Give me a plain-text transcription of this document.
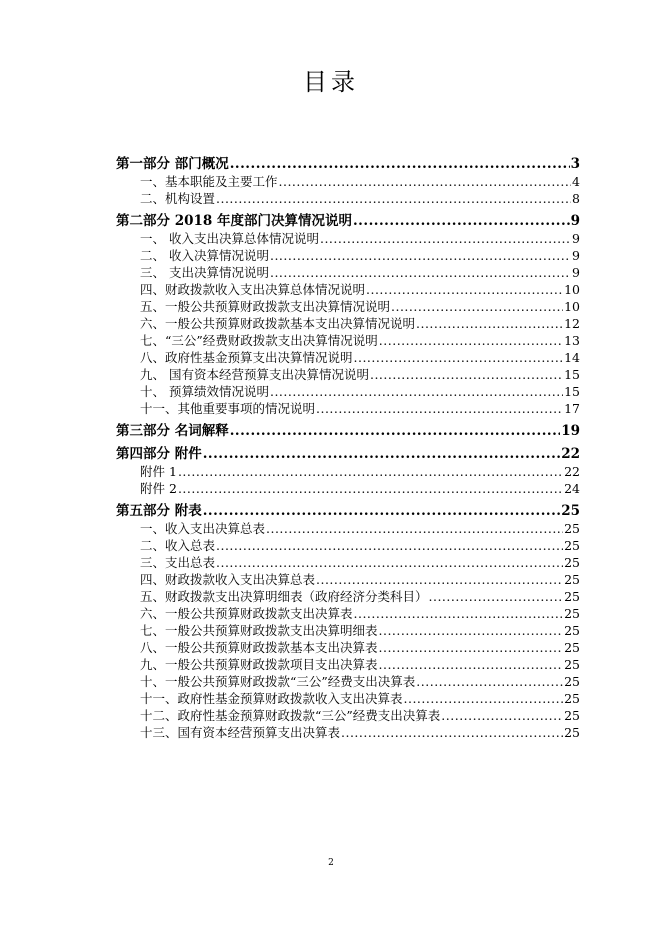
目录
第一部分 部门概况 .....	3
一、基本职能及主要工作 .....	4
二、机构设置 .....	8
第二部分 2018 年度部门决算情况说明 .....	9
一、 收入支出决算总体情况说明 .....	9
二、 收入决算情况说明 .....	9
三、 支出决算情况说明 .....	9
四、财政拨款收入支出决算总体情况说明 .....	10
五、一般公共预算财政拨款支出决算情况说明 .....	10
六、一般公共预算财政拨款基本支出决算情况说明 .....	12
七、“三公”经费财政拨款支出决算情况说明 .....	13
八、政府性基金预算支出决算情况说明 .....	14
九、 国有资本经营预算支出决算情况说明 .....	15
十、 预算绩效情况说明 .....	15
十一、其他重要事项的情况说明 .....	17
第三部分 名词解释 .....	19
第四部分 附件 .....	22
附件 1 .....	22
附件 2 .....	24
第五部分 附表 .....	25
一、收入支出决算总表 .....	25
二、收入总表 .....	25
三、支出总表 .....	25
四、财政拨款收入支出决算总表 .....	25
五、财政拨款支出决算明细表（政府经济分类科目） .....	25
六、一般公共预算财政拨款支出决算表 .....	25
七、一般公共预算财政拨款支出决算明细表 .....	25
八、一般公共预算财政拨款基本支出决算表 .....	25
九、一般公共预算财政拨款项目支出决算表 .....	25
十、一般公共预算财政拨款“三公”经费支出决算表 .....	25
十一、政府性基金预算财政拨款收入支出决算表 .....	25
十二、政府性基金预算财政拨款“三公”经费支出决算表 .....	25
十三、国有资本经营预算支出决算表 .....	25
2
